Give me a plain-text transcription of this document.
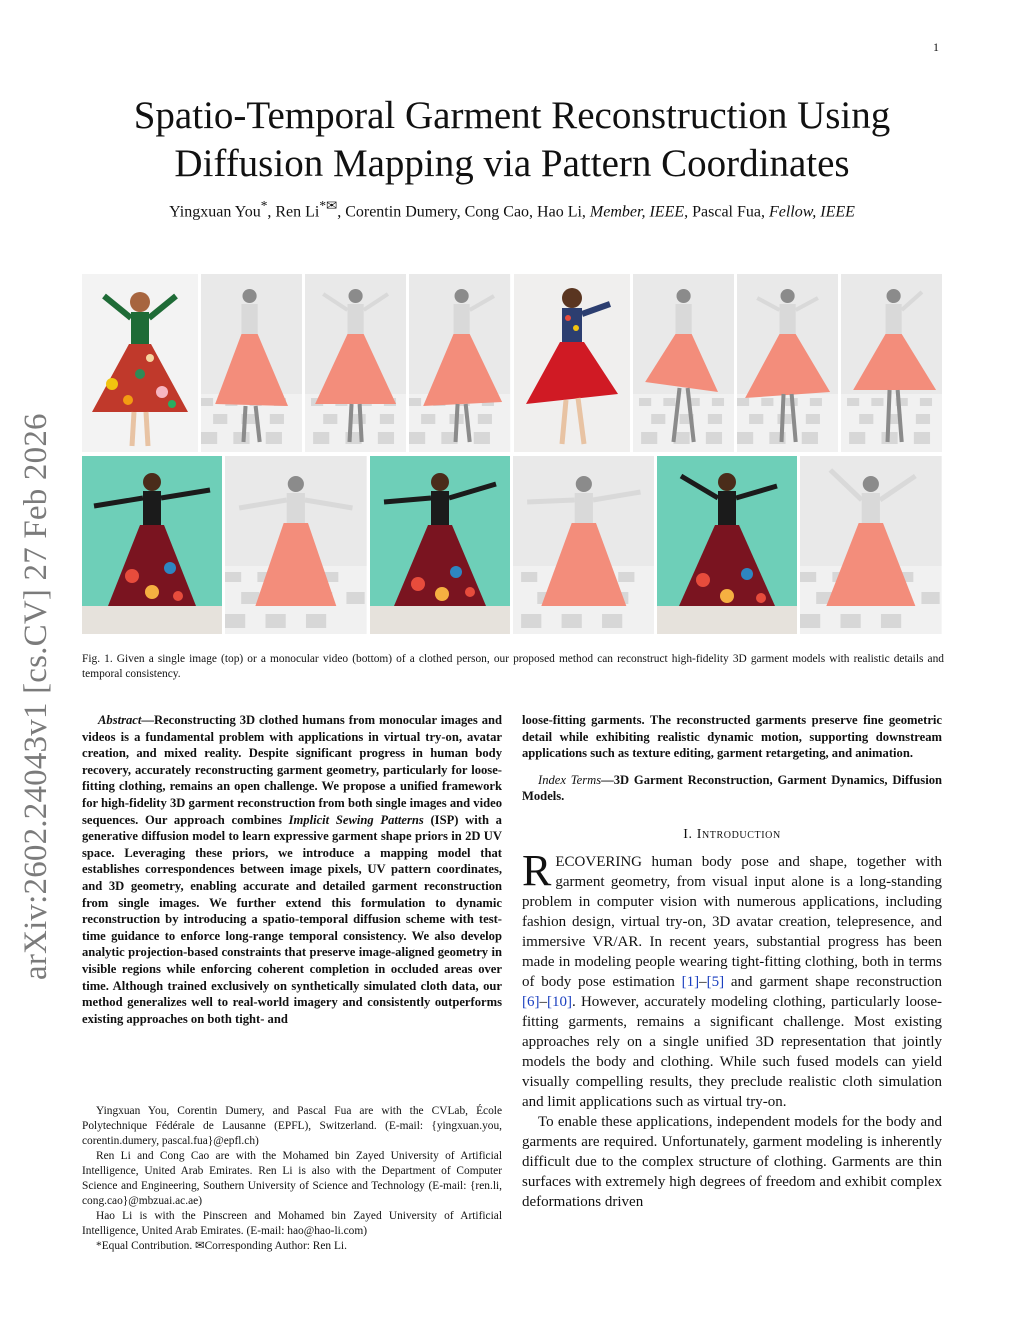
1
arXiv:2602.24043v1 [cs.CV] 27 Feb 2026
Spatio-Temporal Garment Reconstruction Using
Diffusion Mapping via Pattern Coordinates
Yingxuan You*, Ren Li*✉, Corentin Dumery, Cong Cao, Hao Li, Member, IEEE, Pascal Fua, Fellow, IEEE
Fig. 1. Given a single image (top) or a monocular video (bottom) of a clothed person, our proposed method can reconstruct high-fidelity 3D garment models with realistic details and temporal consistency.

Abstract—Reconstructing 3D clothed humans from monocular images and videos is a fundamental problem with applications in virtual try-on, avatar creation, and mixed reality. Despite significant progress in human body recovery, accurately reconstructing garment geometry, particularly for loose-fitting clothing, remains an open challenge. We propose a unified framework for high-fidelity 3D garment reconstruction from both single images and video sequences. Our approach combines Implicit Sewing Patterns (ISP) with a generative diffusion model to learn expressive garment shape priors in 2D UV space. Leveraging these priors, we introduce a mapping model that establishes correspondences between image pixels, UV pattern coordinates, and 3D geometry, enabling accurate and detailed garment reconstruction from single images. We further extend this formulation to dynamic reconstruction by introducing a spatio-temporal diffusion scheme with test-time guidance to enforce long-range temporal consistency. We also develop analytic projection-based constraints that preserve image-aligned geometry in visible regions while enforcing coherent completion in occluded areas over time. Although trained exclusively on synthetically simulated cloth data, our method generalizes well to real-world imagery and consistently outperforms existing approaches on both tight- and

Yingxuan You, Corentin Dumery, and Pascal Fua are with the CVLab, École Polytechnique Fédérale de Lausanne (EPFL), Switzerland. (E-mail: {yingxuan.you, corentin.dumery, pascal.fua}@epfl.ch)

Ren Li and Cong Cao are with the Mohamed bin Zayed University of Artificial Intelligence, United Arab Emirates. Ren Li is also with the Department of Computer Science and Engineering, Southern University of Science and Technology (E-mail: {ren.li, cong.cao}@mbzuai.ac.ae)

Hao Li is with the Pinscreen and Mohamed bin Zayed University of Artificial Intelligence, United Arab Emirates. (E-mail: hao@hao-li.com)

*Equal Contribution. ✉Corresponding Author: Ren Li.

loose-fitting garments. The reconstructed garments preserve fine geometric detail while exhibiting realistic dynamic motion, supporting downstream applications such as texture editing, garment retargeting, and animation.

Index Terms—3D Garment Reconstruction, Garment Dynamics, Diffusion Models.

I. Introduction

RECOVERING human body pose and shape, together with garment geometry, from visual input alone is a long-standing problem in computer vision with numerous applications, including fashion design, virtual try-on, 3D avatar creation, telepresence, and immersive VR/AR. In recent years, substantial progress has been made in modeling people wearing tight-fitting clothing, both in terms of body pose estimation [1]–[5] and garment shape reconstruction [6]–[10]. However, accurately modeling clothing, particularly loose-fitting garments, remains a significant challenge. Most existing approaches rely on a single unified 3D representation that jointly models the body and clothing. While such fused models can yield visually compelling results, they preclude realistic cloth simulation and limit applications such as virtual try-on.

To enable these applications, independent models for the body and garments are required. Unfortunately, garment modeling is inherently difficult due to the complex structure of clothing. Garments are thin surfaces with extremely high degrees of freedom and exhibit complex deformations driven
